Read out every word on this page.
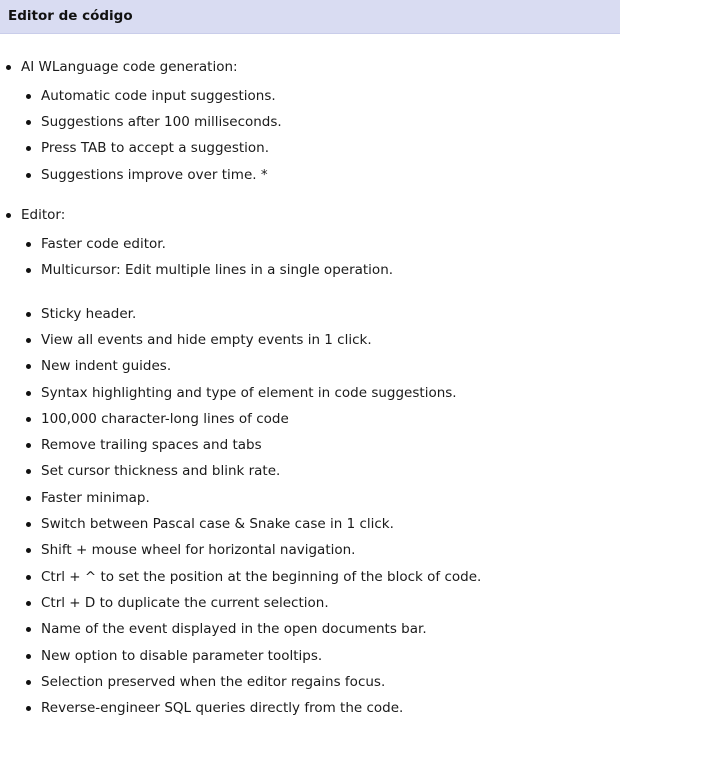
Editor de código
AI WLanguage code generation:
Automatic code input suggestions.
Suggestions after 100 milliseconds.
Press TAB to accept a suggestion.
Suggestions improve over time. *
Editor:
Faster code editor.
Multicursor: Edit multiple lines in a single operation.
Sticky header.
View all events and hide empty events in 1 click.
New indent guides.
Syntax highlighting and type of element in code suggestions.
100,000 character-long lines of code
Remove trailing spaces and tabs
Set cursor thickness and blink rate.
Faster minimap.
Switch between Pascal case & Snake case in 1 click.
Shift + mouse wheel for horizontal navigation.
Ctrl + ^ to set the position at the beginning of the block of code.
Ctrl + D to duplicate the current selection.
Name of the event displayed in the open documents bar.
New option to disable parameter tooltips.
Selection preserved when the editor regains focus.
Reverse-engineer SQL queries directly from the code.
